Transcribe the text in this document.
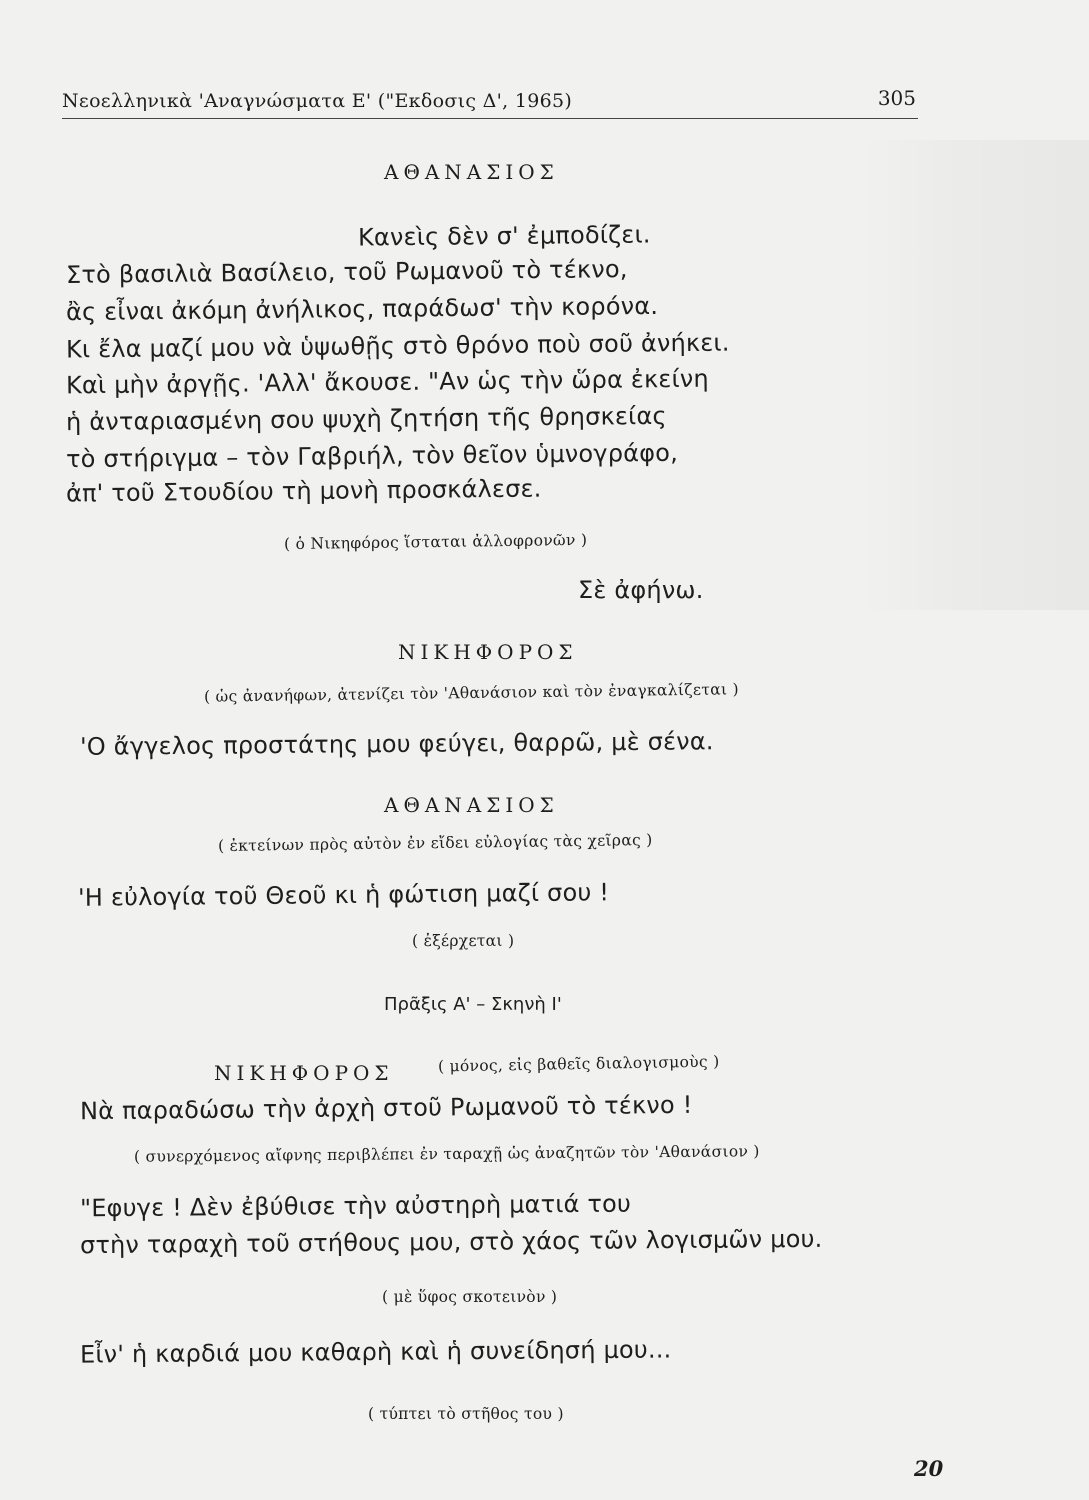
Νεοελληνικὰ 'Αναγνώσματα Ε' ("Εκδοσις Δ', 1965)	305
ΑΘΑΝΑΣΙΟΣ
Κανεὶς δὲν σ' ἐμποδίζει.
Στὸ βασιλιὰ Βασίλειο, τοῦ Ρωμανοῦ τὸ τέκνο,
ἂς εἶναι ἀκόμη ἀνήλικος, παράδωσ' τὴν κορόνα.
Κι ἔλα μαζί μου νὰ ὑψωθῇς στὸ θρόνο ποὺ σοῦ ἀνήκει.
Καὶ μὴν ἀργῇς. 'Αλλ' ἄκουσε. "Αν ὡς τὴν ὥρα ἐκείνη
ἡ ἀνταριασμένη σου ψυχὴ ζητήση τῆς θρησκείας
τὸ στήριγμα – τὸν Γαβριήλ, τὸν θεῖον ὑμνογράφο,
ἀπ' τοῦ Στουδίου τὴ μονὴ προσκάλεσε.
( ὁ Νικηφόρος ἵσταται ἀλλοφρονῶν )
Σὲ ἀφήνω.
ΝΙΚΗΦΟΡΟΣ
( ὡς ἀνανήφων, ἀτενίζει τὸν 'Αθανάσιον καὶ τὸν ἐναγκαλίζεται )
'Ο ἄγγελος προστάτης μου φεύγει, θαρρῶ, μὲ σένα.
ΑΘΑΝΑΣΙΟΣ
( ἐκτείνων πρὸς αὐτὸν ἐν εἴδει εὐλογίας τὰς χεῖρας )
'Η εὐλογία τοῦ Θεοῦ κι ἡ φώτιση μαζί σου !
( ἐξέρχεται )
Πρᾶξις Α' – Σκηνὴ Ι'
ΝΙΚΗΦΟΡΟΣ	( μόνος, εἰς βαθεῖς διαλογισμοὺς )
Νὰ παραδώσω τὴν ἀρχὴ στοῦ Ρωμανοῦ τὸ τέκνο !
( συνερχόμενος αἴφνης περιβλέπει ἐν ταραχῇ ὡς ἀναζητῶν τὸν 'Αθανάσιον )
"Εφυγε ! Δὲν ἐβύθισε τὴν αὐστηρὴ ματιά του
στὴν ταραχὴ τοῦ στήθους μου, στὸ χάος τῶν λογισμῶν μου.
( μὲ ὕφος σκοτεινὸν )
Εἶν' ἡ καρδιά μου καθαρὴ καὶ ἡ συνείδησή μου...
( τύπτει τὸ στῆθος του )
20
